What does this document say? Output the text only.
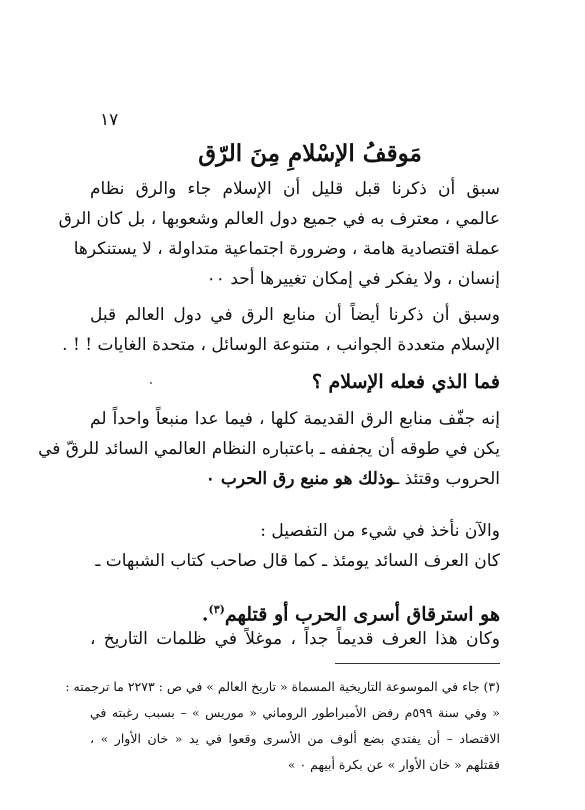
١٧
مَوقفُ الإسْلامِ مِنَ الرّق
سبق أن ذكرنا قبل قليل أن الإسلام جاء والرق نظام
عالمي ، معترف به في جميع دول العالم وشعوبها ، بل كان الرق
عملة اقتصادية هامة ، وضرورة اجتماعية متداولة ، لا يستنكرها
إنسان ، ولا يفكر في إمكان تغييرها أحد ٠٠
وسبق أن ذكرنا أيضاً أن منابع الرق في دول العالم قبل
الإسلام متعددة الجوانب ، متنوعة الوسائل ، متحدة الغايات ! ! .
فما الذي فعله الإسلام ؟
إنه جفّف منابع الرق القديمة كلها ، فيما عدا منبعاً واحداً لم
يكن في طوقه أن يجففه ـ باعتباره النظام العالمي السائد للرقّ في
الحروب وقتئذ ـوذلك هو منبع رق الحرب ٠
والآن نأخذ في شيء من التفصيل :
كان العرف السائد يومئذ ـ كما قال صاحب كتاب الشبهات ـ
هو استرقاق أسرى الحرب أو قتلهم$^{(٣)}$.
وكان هذا العرف قديماً جداً ، موغلاً في ظلمات التاريخ ،
(٣) جاء في الموسوعة التاريخية المسماة « تاريخ العالم » في ص : ٢٢٧٣ ما ترجمته :
« وفي سنة ٥٩٩م رفض الأمبراطور الروماني « موريس » – بسبب رغبته في
الاقتصاد – أن يفتدي بضع ألوف من الأسرى وقعوا في يد « خان الأوار » ،
فقتلهم « خان الأوار » عن بكرة أبيهم ٠ »
